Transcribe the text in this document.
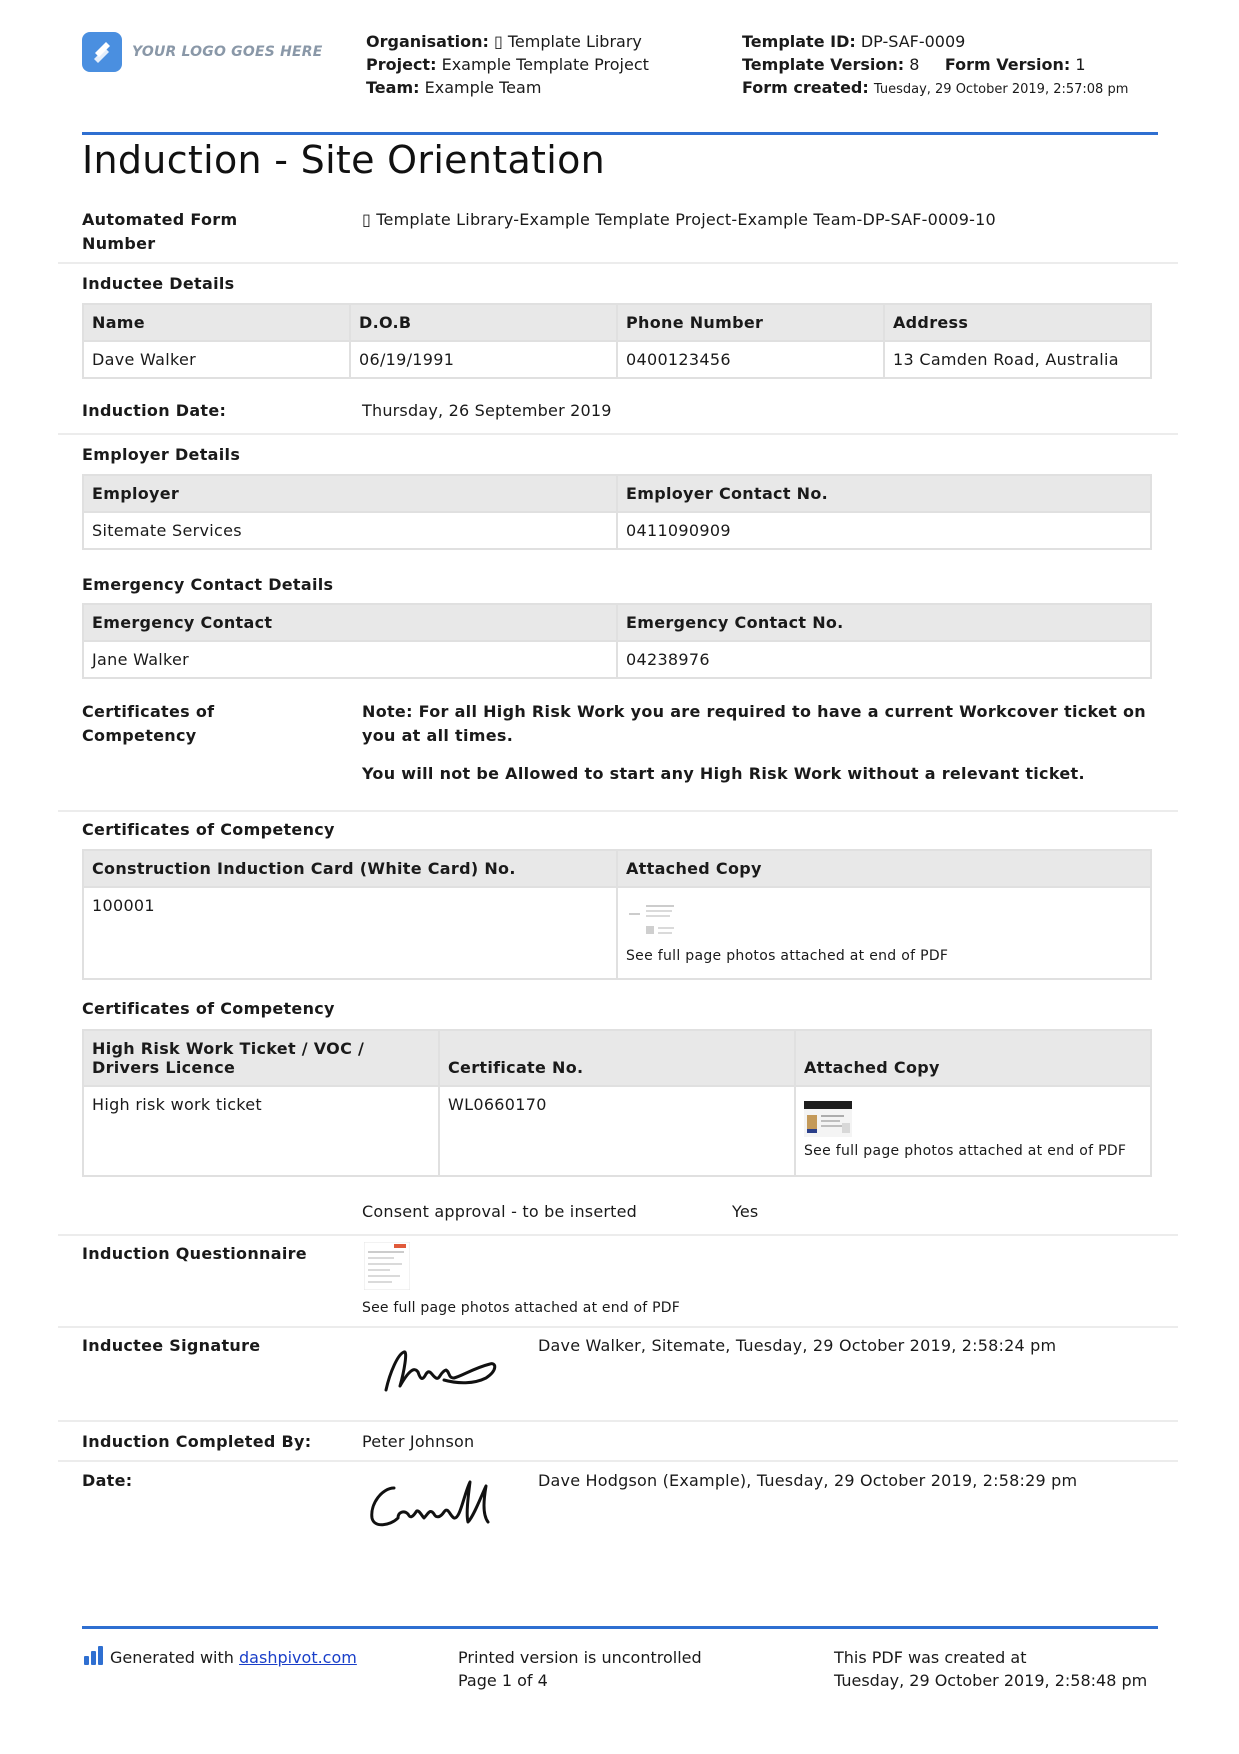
YOUR LOGO GOES HERE
Organisation: ▯ Template Library
Project: Example Template Project
Team: Example Team
Template ID: DP-SAF-0009
Template Version: 8 Form Version: 1
Form created: Tuesday, 29 October 2019, 2:57:08 pm
Induction - Site Orientation
Automated Form Number
▯ Template Library-Example Template Project-Example Team-DP-SAF-0009-10
Inductee Details
Name	D.O.B	Phone Number	Address
Dave Walker	06/19/1991	0400123456	13 Camden Road, Australia
Induction Date:	Thursday, 26 September 2019
Employer Details
Employer	Employer Contact No.
Sitemate Services	0411090909
Emergency Contact Details
Emergency Contact	Emergency Contact No.
Jane Walker	04238976
Certificates of Competency
Note: For all High Risk Work you are required to have a current Workcover ticket on you at all times.
You will not be Allowed to start any High Risk Work without a relevant ticket.
Certificates of Competency
Construction Induction Card (White Card) No.	Attached Copy
100001	See full page photos attached at end of PDF
Certificates of Competency
High Risk Work Ticket / VOC / Drivers Licence	Certificate No.	Attached Copy
High risk work ticket	WL0660170	See full page photos attached at end of PDF
Consent approval - to be inserted	Yes
Induction Questionnaire
See full page photos attached at end of PDF
Inductee Signature	Dave Walker, Sitemate, Tuesday, 29 October 2019, 2:58:24 pm
Induction Completed By:	Peter Johnson
Date:	Dave Hodgson (Example), Tuesday, 29 October 2019, 2:58:29 pm
Generated with dashpivot.com	Printed version is uncontrolled
Page 1 of 4
This PDF was created at
Tuesday, 29 October 2019, 2:58:48 pm
